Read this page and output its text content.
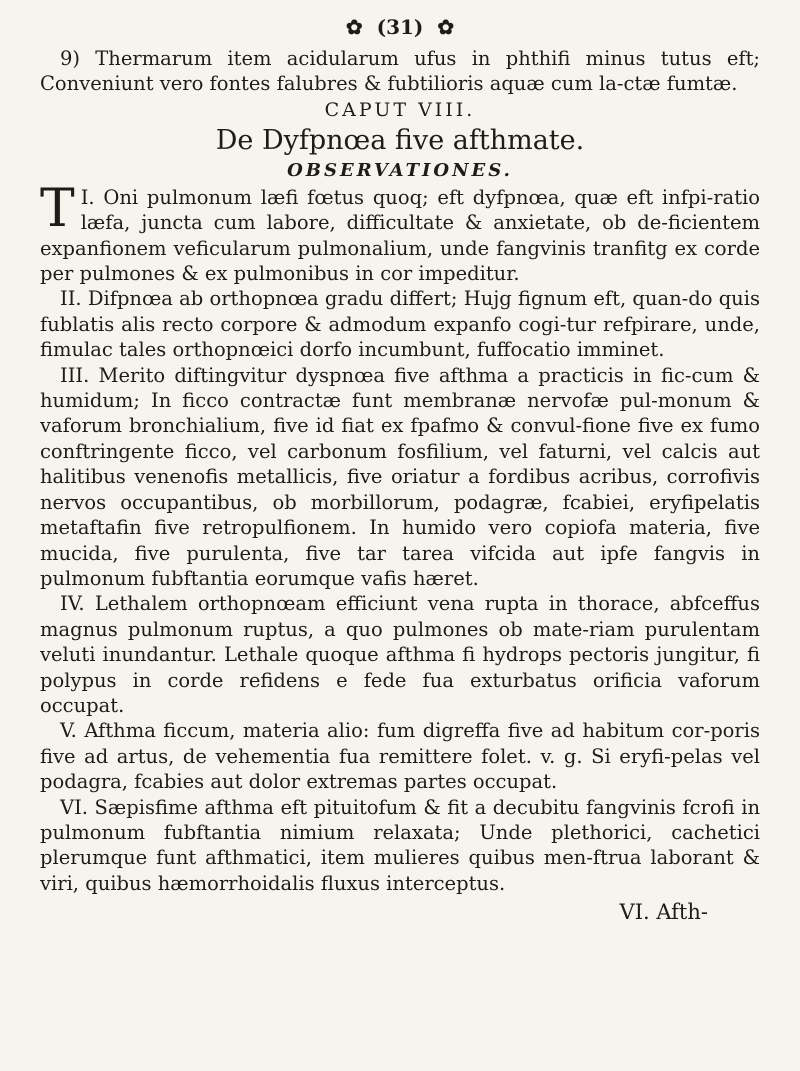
✿ (31) ✿

9) Thermarum item acidularum ufus in phthifi minus tutus eft; Conveniunt vero fontes falubres & fubtilioris aquæ cum la-ctæ fumtæ.

CAPUT VIII.

De Dyfpnœa five afthmate.

OBSERVATIONES.

I.
T Oni pulmonum læfi fœtus quoq; eft dyfpnœa, quæ eft infpi-ratio læfa, juncta cum labore, difficultate & anxietate, ob de-ficientem expanfionem veficularum pulmonalium, unde fangvinis tranfitg ex corde per pulmones & ex pulmonibus in cor impeditur.

II. Difpnœa ab orthopnœa gradu differt; Hujg fignum eft, quan-do quis fublatis alis recto corpore & admodum expanfo cogi-tur refpirare, unde, fimulac tales orthopnœici dorfo incumbunt, fuffocatio imminet.

III. Merito diftingvitur dyspnœa five afthma a practicis in fic-cum & humidum; In ficco contractæ funt membranæ nervofæ pul-monum & vaforum bronchialium, five id fiat ex fpafmo & convul-fione five ex fumo conftringente ficco, vel carbonum fosfilium, vel faturni, vel calcis aut halitibus venenofis metallicis, five oriatur a fordibus acribus, corrofivis nervos occupantibus, ob morbillorum, podagræ, fcabiei, eryfipelatis metaftafin five retropulfionem. In humido vero copiofa materia, five mucida, five purulenta, five tar tarea vifcida aut ipfe fangvis in pulmonum fubftantia eorumque vafis hæret.

IV. Lethalem orthopnœam efficiunt vena rupta in thorace, abfceffus magnus pulmonum ruptus, a quo pulmones ob mate-riam purulentam veluti inundantur. Lethale quoque afthma fi hydrops pectoris jungitur, fi polypus in corde refidens e fede fua exturbatus orificia vaforum occupat.

V. Afthma ficcum, materia alio: fum digreffa five ad habitum cor-poris five ad artus, de vehementia fua remittere folet. v. g. Si eryfi-pelas vel podagra, fcabies aut dolor extremas partes occupat.

VI. Sæpisfime afthma eft pituitofum & fit a decubitu fangvinis fcrofi in pulmonum fubftantia nimium relaxata; Unde plethorici, cachetici plerumque funt afthmatici, item mulieres quibus men-ftrua laborant & viri, quibus hæmorrhoidalis fluxus interceptus.

VI. Afth-
